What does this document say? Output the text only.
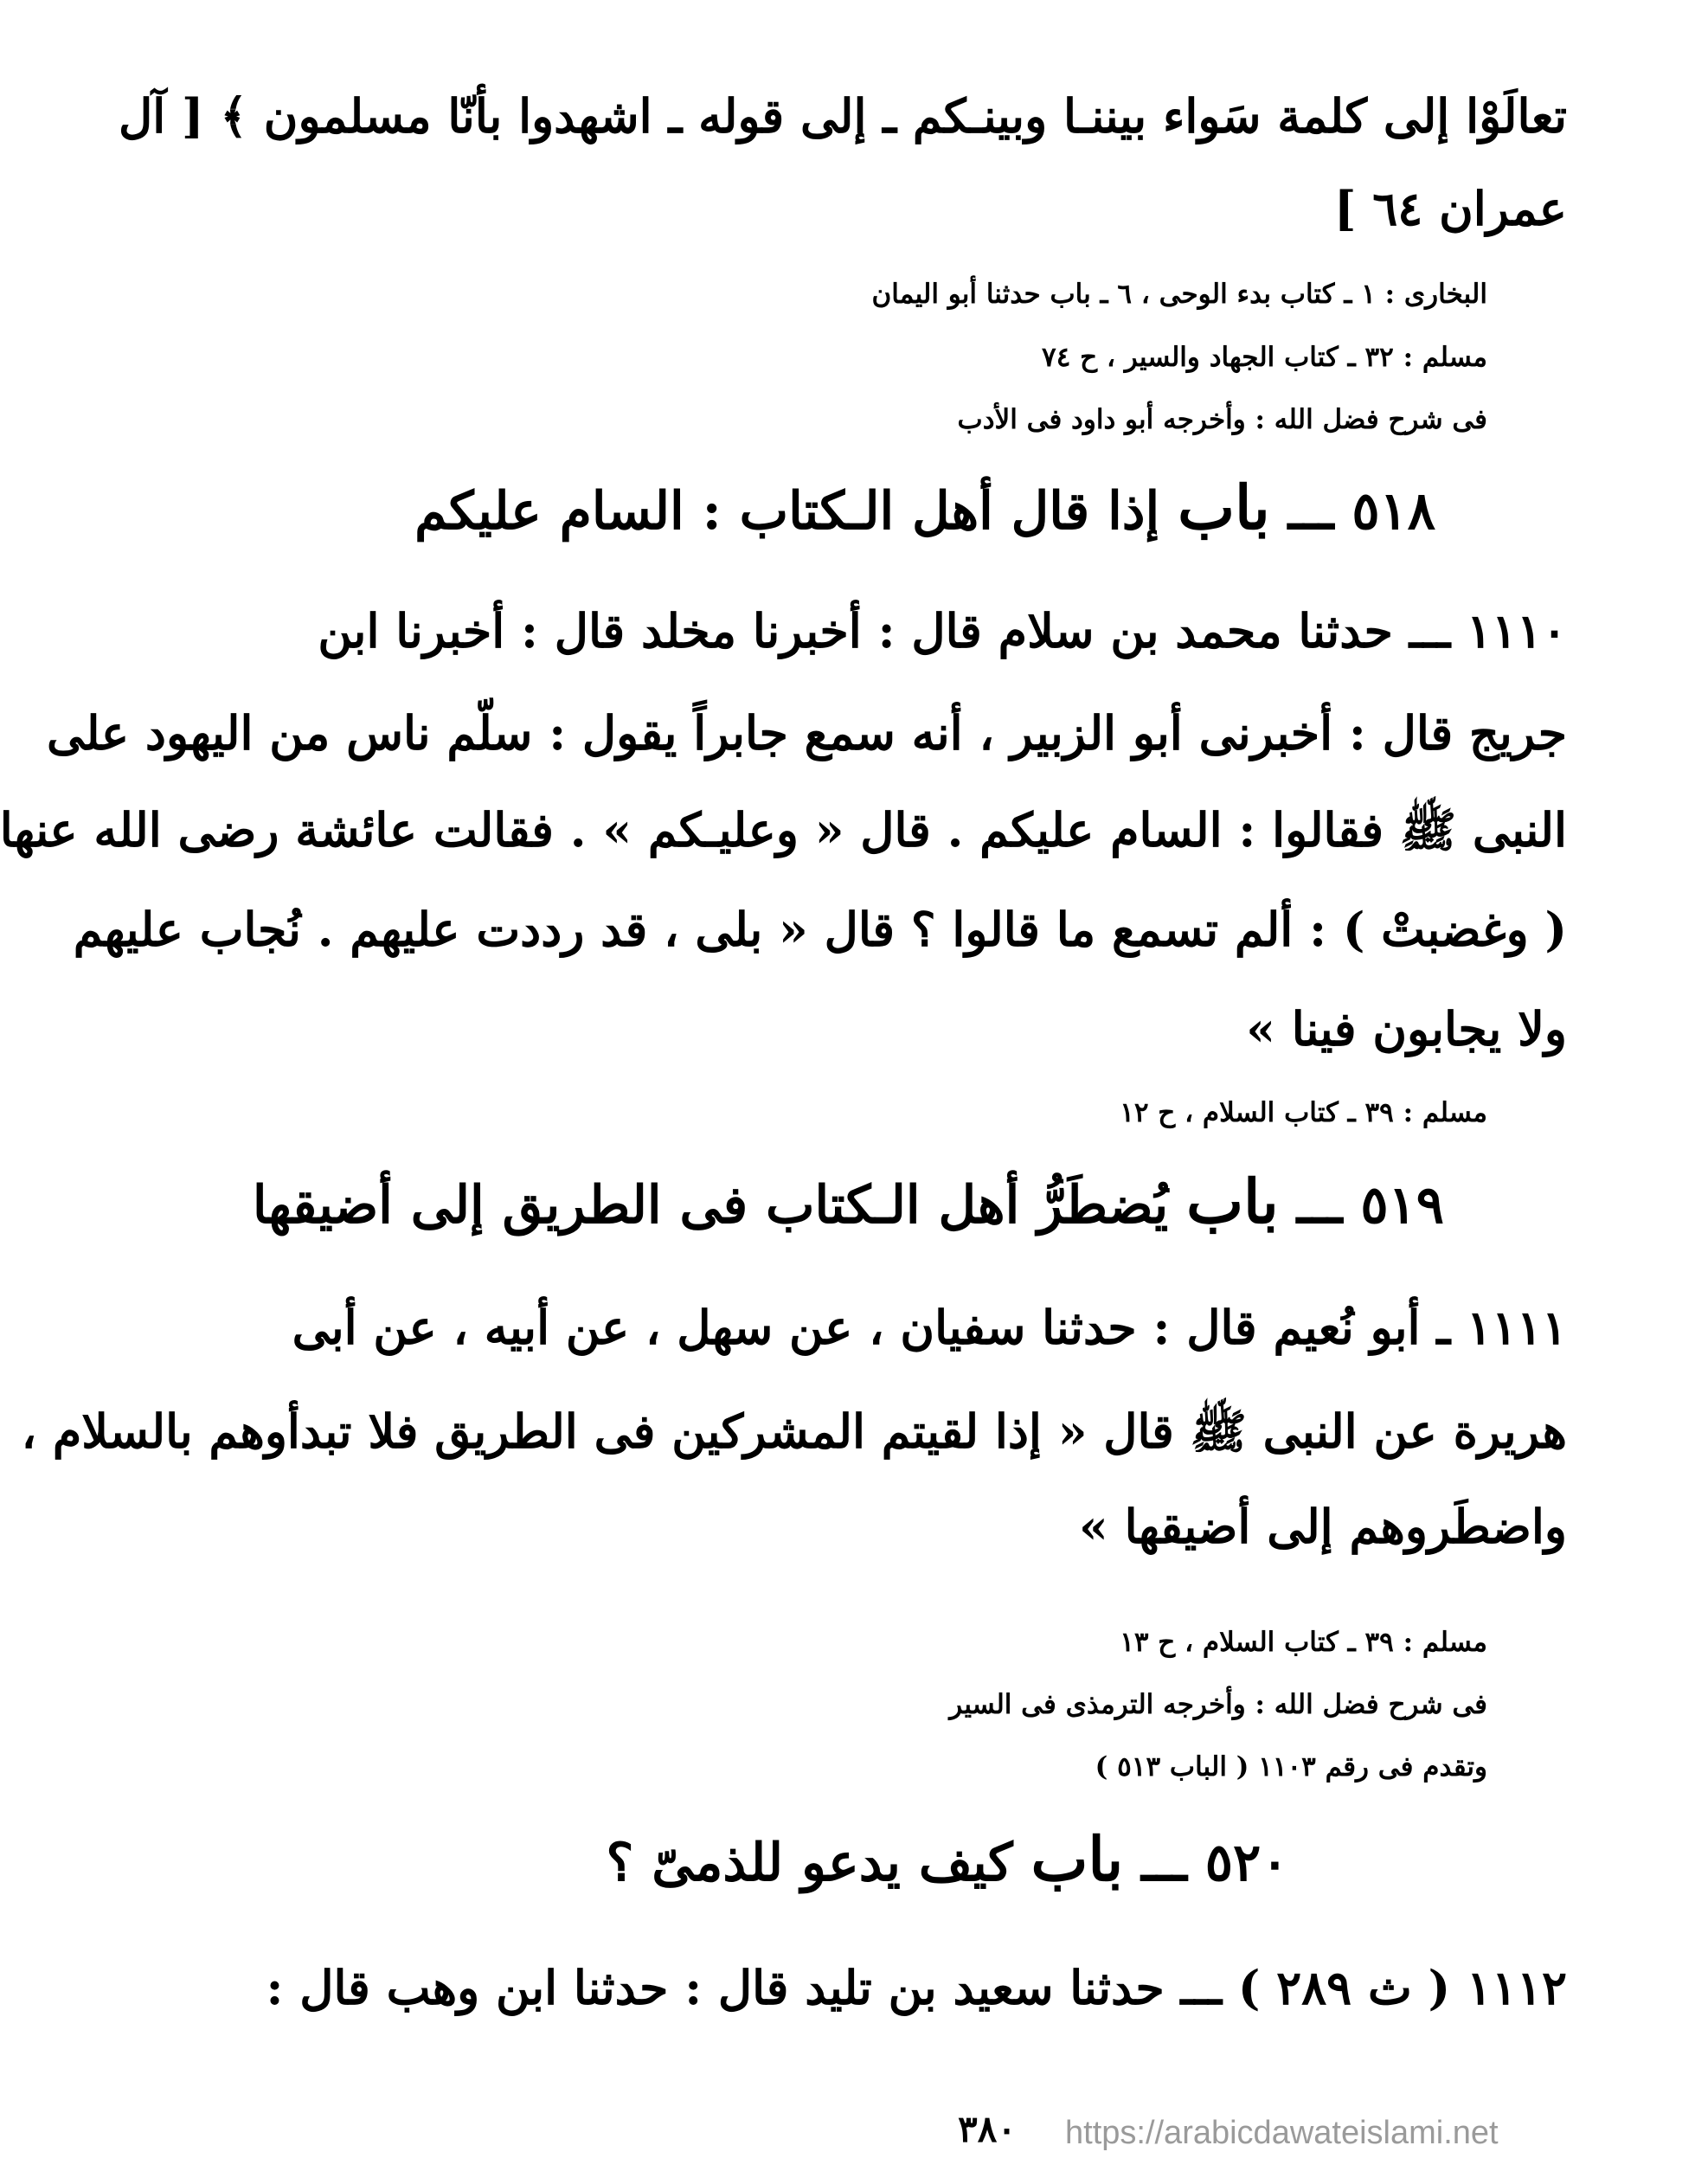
تعالَوْا إلى كلمة سَواء بيننـا وبينـكم ـ إلى قوله ـ اشهدوا بأنّا مسلمون ﴾ [ آل
عمران ٦٤ ]
البخارى : ١ ـ كتاب بدء الوحى ، ٦ ـ باب حدثنا أبو اليمان
مسلم : ٣٢ ـ كتاب الجهاد والسير ، ح ٧٤
فى شرح فضل الله : وأخرجه أبو داود فى الأدب
٥١٨ ـــ باب إذا قال أهل الـكتاب : السام عليكم
١١١٠ ـــ حدثنا محمد بن سلام قال : أخبرنا مخلد قال : أخبرنا ابن
جريج قال : أخبرنى أبو الزبير ، أنه سمع جابراً يقول : سلّم ناس من اليهود على
النبى ﷺ فقالوا : السام عليكم . قال « وعليـكم » . فقالت عائشة رضى الله عنها
( وغضبتْ ) : ألم تسمع ما قالوا ؟ قال « بلى ، قد رددت عليهم . نُجاب عليهم
ولا يجابون فينا »
مسلم : ٣٩ ـ كتاب السلام ، ح ١٢
٥١٩ ـــ باب يُضطَرُّ أهل الـكتاب فى الطريق إلى أضيقها
١١١١ ـ أبو نُعيم قال : حدثنا سفيان ، عن سهل ، عن أبيه ، عن أبى
هريرة عن النبى ﷺ قال « إذا لقيتم المشركين فى الطريق فلا تبدأوهم بالسلام ،
واضطَروهم إلى أضيقها »
مسلم : ٣٩ ـ كتاب السلام ، ح ١٣
فى شرح فضل الله : وأخرجه الترمذى فى السير
وتقدم فى رقم ١١٠٣ ( الباب ٥١٣ )
٥٢٠ ـــ باب كيف يدعو للذمىّ ؟
١١١٢ ( ث ٢٨٩ ) ـــ حدثنا سعيد بن تليد قال : حدثنا ابن وهب قال :
٣٨٠	https://arabicdawateislami.net
